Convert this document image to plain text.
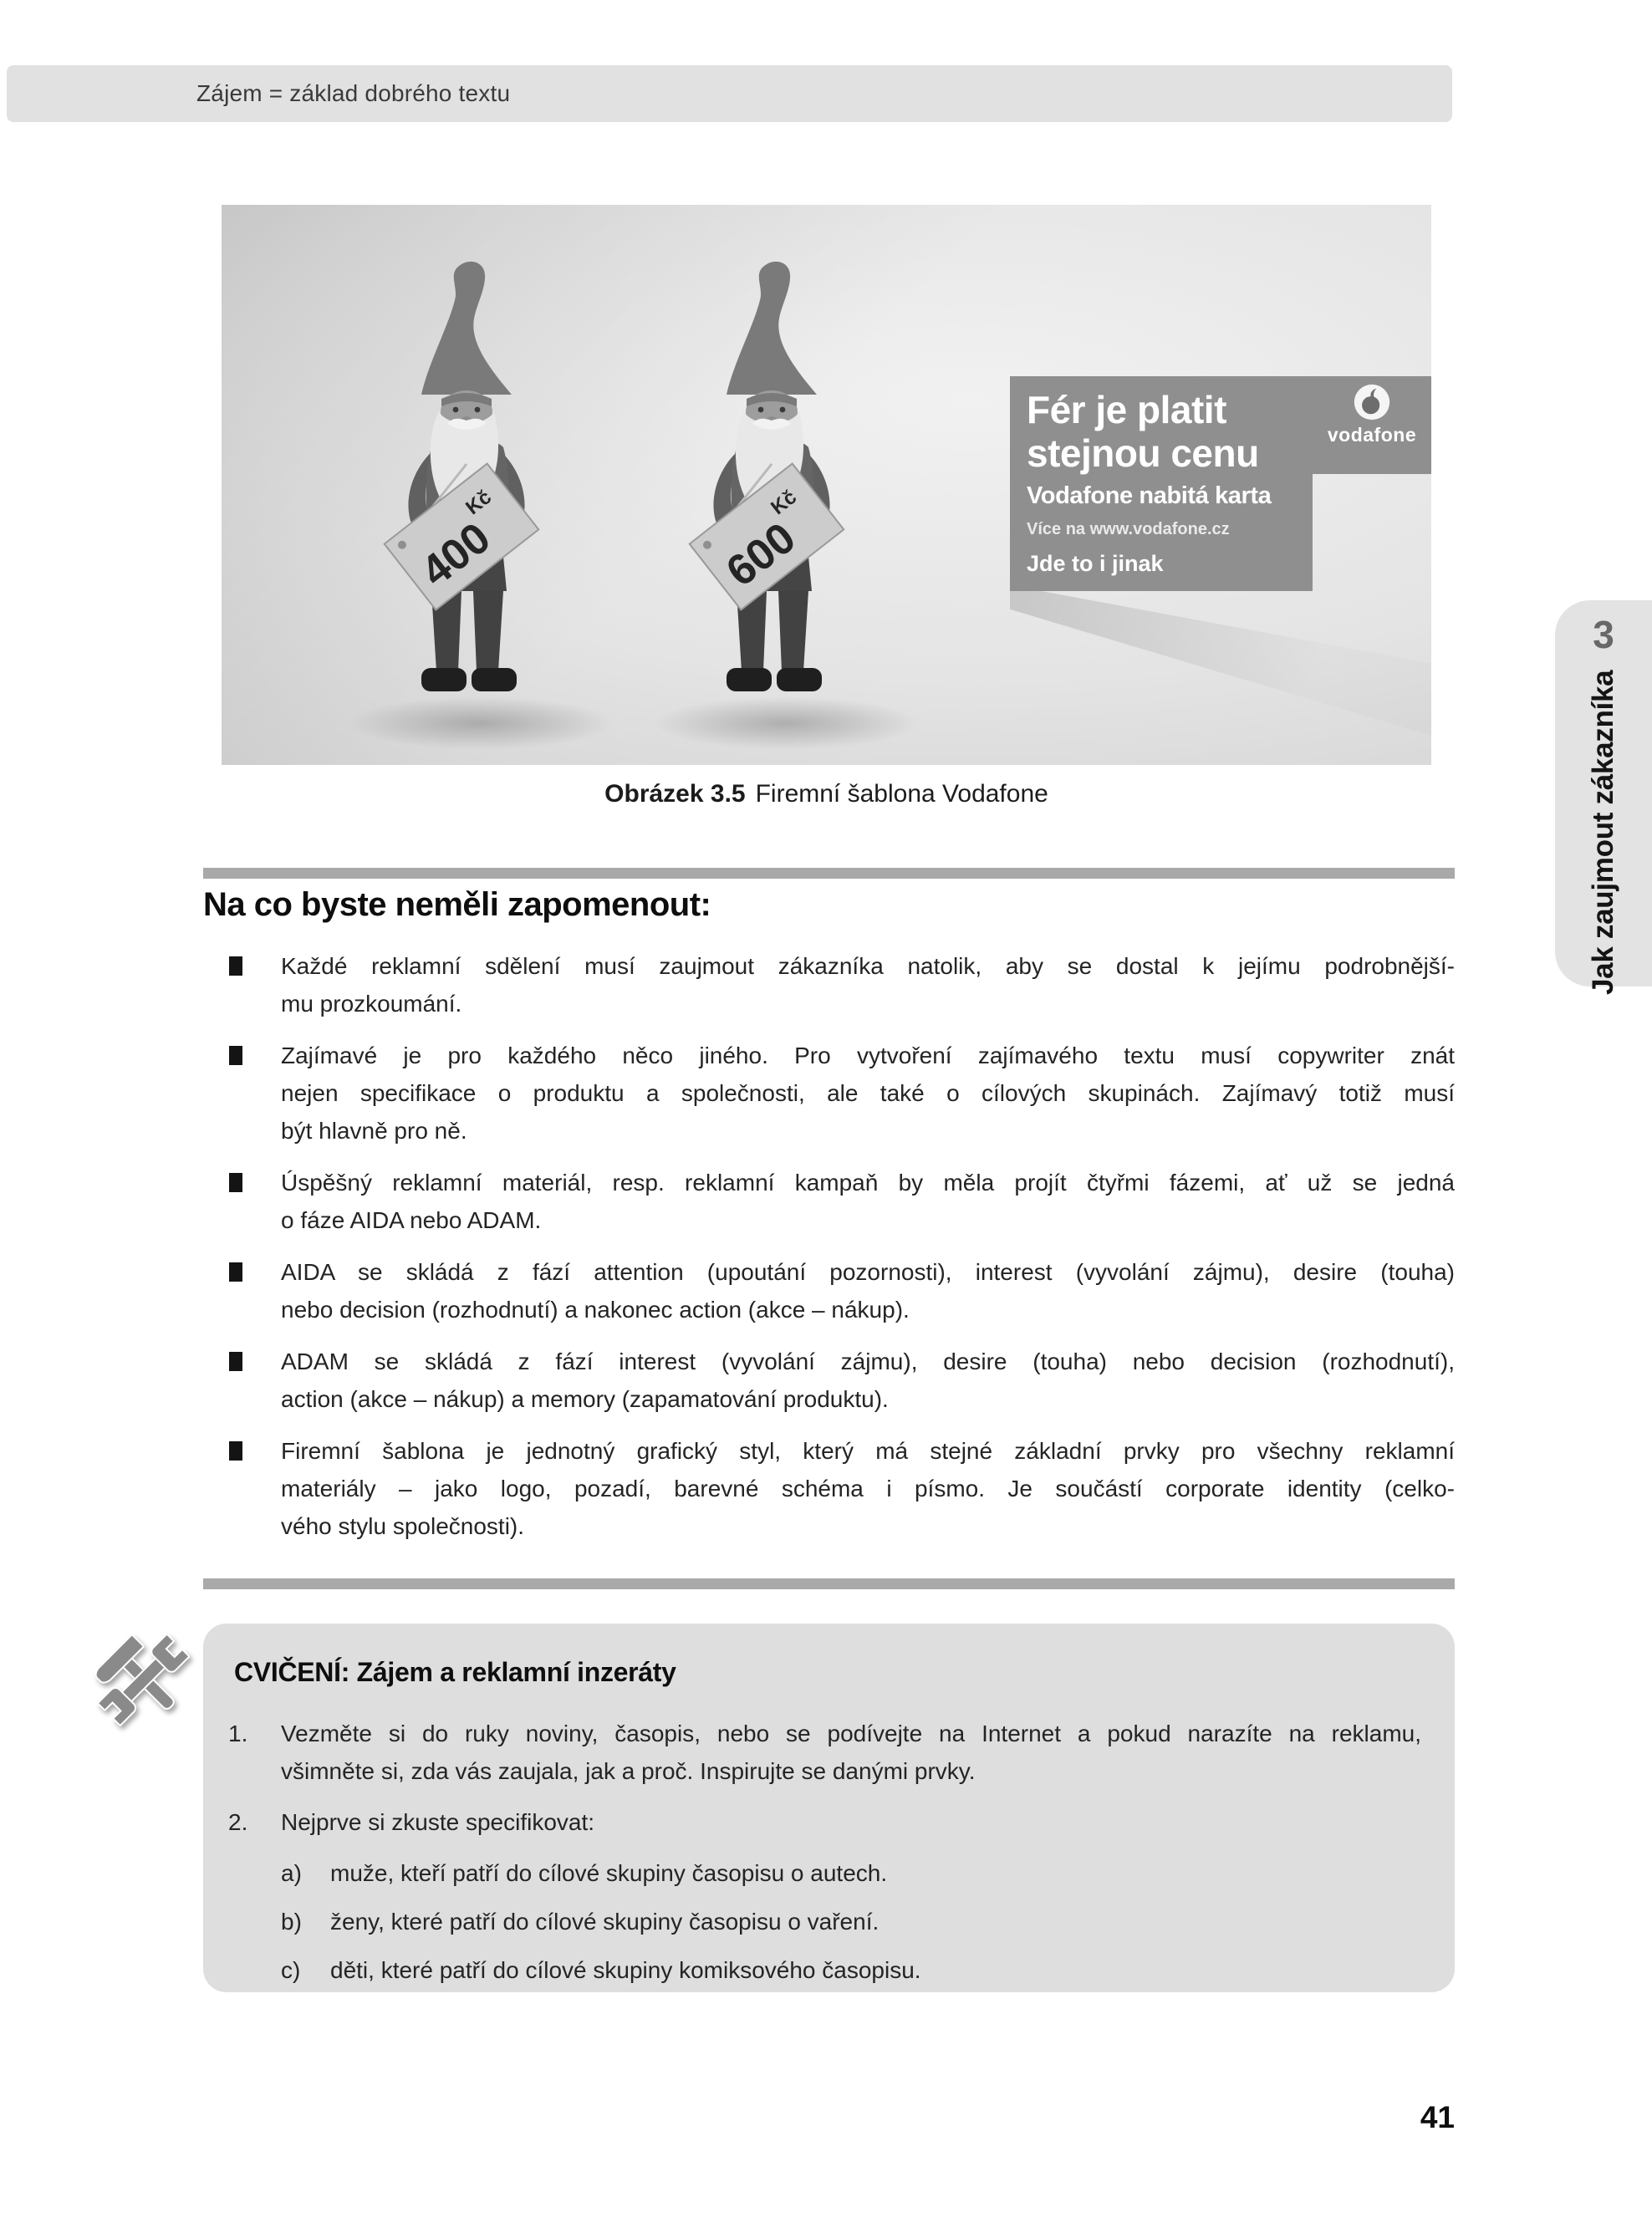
Zájem = základ dobrého textu
400
Kč
600
Kč
Fér je platit
stejnou cenu
Vodafone nabitá karta
Více na www.vodafone.cz
Jde to i jinak
vodafone
Obrázek 3.5 Firemní šablona Vodafone
Na co byste neměli zapomenout:
Každé reklamní sdělení musí zaujmout zákazníka natolik, aby se dostal k jejímu podrobnější-
mu prozkoumání.
Zajímavé je pro každého něco jiného. Pro vytvoření zajímavého textu musí copywriter znát
nejen specifikace o produktu a společnosti, ale také o cílových skupinách. Zajímavý totiž musí
být hlavně pro ně.
Úspěšný reklamní materiál, resp. reklamní kampaň by měla projít čtyřmi fázemi, ať už se jedná
o fáze AIDA nebo ADAM.
AIDA se skládá z fází attention (upoutání pozornosti), interest (vyvolání zájmu), desire (touha)
nebo decision (rozhodnutí) a nakonec action (akce – nákup).
ADAM se skládá z fází interest (vyvolání zájmu), desire (touha) nebo decision (rozhodnutí),
action (akce – nákup) a memory (zapamatování produktu).
Firemní šablona je jednotný grafický styl, který má stejné základní prvky pro všechny reklamní
materiály – jako logo, pozadí, barevné schéma i písmo. Je součástí corporate identity (celko-
vého stylu společnosti).
CVIČENÍ: Zájem a reklamní inzeráty
1. Vezměte si do ruky noviny, časopis, nebo se podívejte na Internet a pokud narazíte na reklamu,
všimněte si, zda vás zaujala, jak a proč. Inspirujte se danými prvky.
2. Nejprve si zkuste specifikovat:
a) muže, kteří patří do cílové skupiny časopisu o autech.
b) ženy, které patří do cílové skupiny časopisu o vaření.
c) děti, které patří do cílové skupiny komiksového časopisu.
3
Jak zaujmout zákazníka
41
